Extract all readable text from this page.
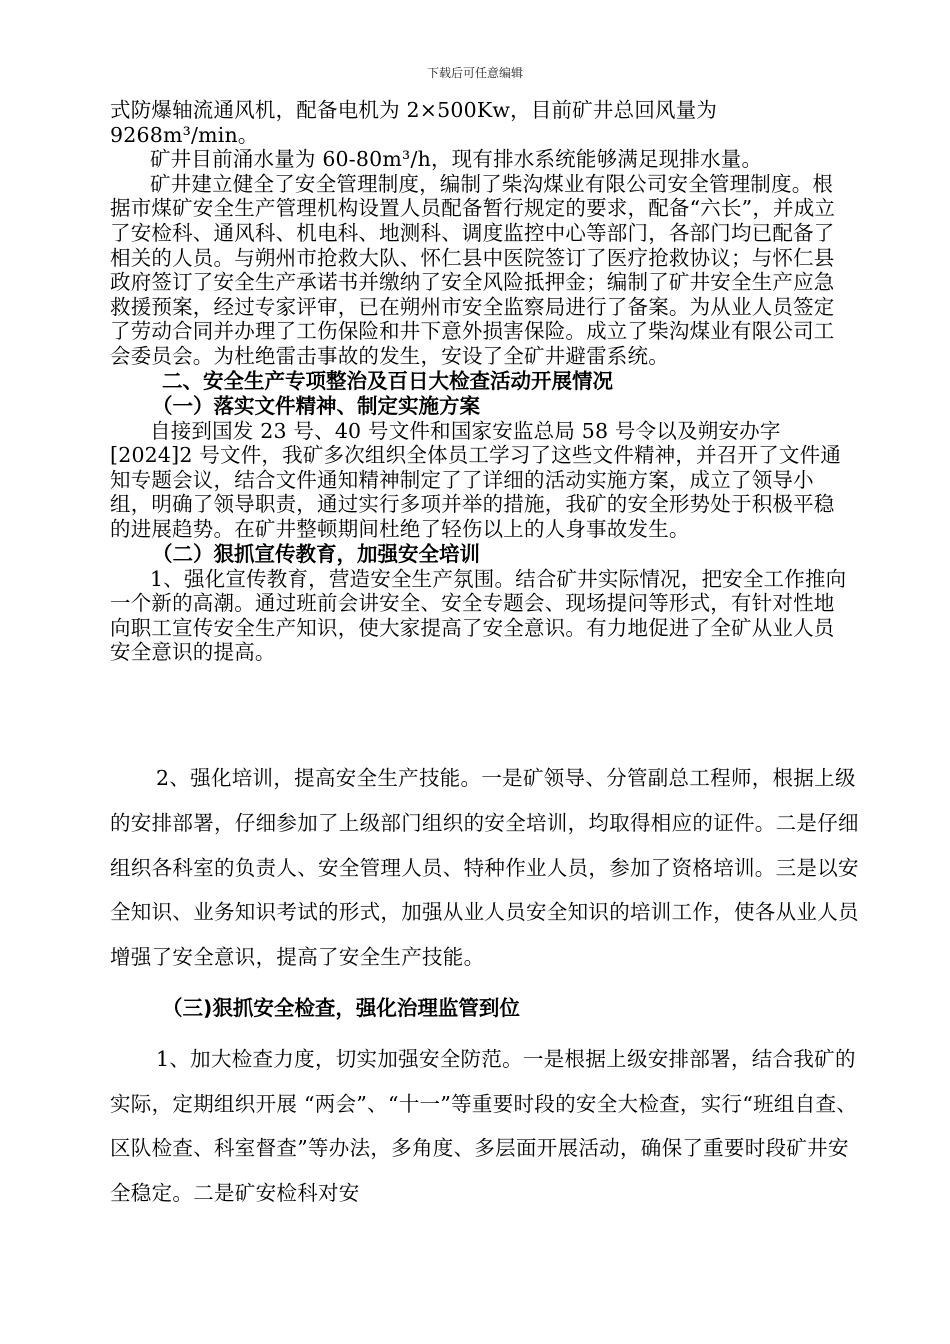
下载后可任意编辑

式防爆轴流通风机，配备电机为 2×500Kw，目前矿井总回风量为 9268m³/min。

矿井目前涌水量为 60-80m³/h，现有排水系统能够满足现排水量。

矿井建立健全了安全管理制度，编制了柴沟煤业有限公司安全管理制度。根据市煤矿安全生产管理机构设置人员配备暂行规定的要求，配备“六长”，并成立了安检科、通风科、机电科、地测科、调度监控中心等部门，各部门均已配备了相关的人员。与朔州市抢救大队、怀仁县中医院签订了医疗抢救协议；与怀仁县政府签订了安全生产承诺书并缴纳了安全风险抵押金；编制了矿井安全生产应急救援预案，经过专家评审，已在朔州市安全监察局进行了备案。为从业人员签定了劳动合同并办理了工伤保险和井下意外损害保险。成立了柴沟煤业有限公司工会委员会。为杜绝雷击事故的发生，安设了全矿井避雷系统。

二、安全生产专项整治及百日大检查活动开展情况
（一）落实文件精神、制定实施方案

自接到国发 23 号、40 号文件和国家安监总局 58 号令以及朔安办字[2024]2 号文件，我矿多次组织全体员工学习了这些文件精神，并召开了文件通知专题会议，结合文件通知精神制定了了详细的活动实施方案，成立了领导小组，明确了领导职责，通过实行多项并举的措施，我矿的安全形势处于积极平稳的进展趋势。在矿井整顿期间杜绝了轻伤以上的人身事故发生。

（二）狠抓宣传教育，加强安全培训

1、强化宣传教育，营造安全生产氛围。结合矿井实际情况，把安全工作推向一个新的高潮。通过班前会讲安全、安全专题会、现场提问等形式，有针对性地向职工宣传安全生产知识，使大家提高了安全意识。有力地促进了全矿从业人员安全意识的提高。

2、强化培训，提高安全生产技能。一是矿领导、分管副总工程师，根据上级的安排部署，仔细参加了上级部门组织的安全培训，均取得相应的证件。二是仔细组织各科室的负责人、安全管理人员、特种作业人员，参加了资格培训。三是以安全知识、业务知识考试的形式，加强从业人员安全知识的培训工作，使各从业人员增强了安全意识，提高了安全生产技能。

（三)狠抓安全检查，强化治理监管到位

1、加大检查力度，切实加强安全防范。一是根据上级安排部署，结合我矿的实际，定期组织开展 “两会”、“十一”等重要时段的安全大检查，实行“班组自查、区队检查、科室督查”等办法，多角度、多层面开展活动，确保了重要时段矿井安全稳定。二是矿安检科对安
